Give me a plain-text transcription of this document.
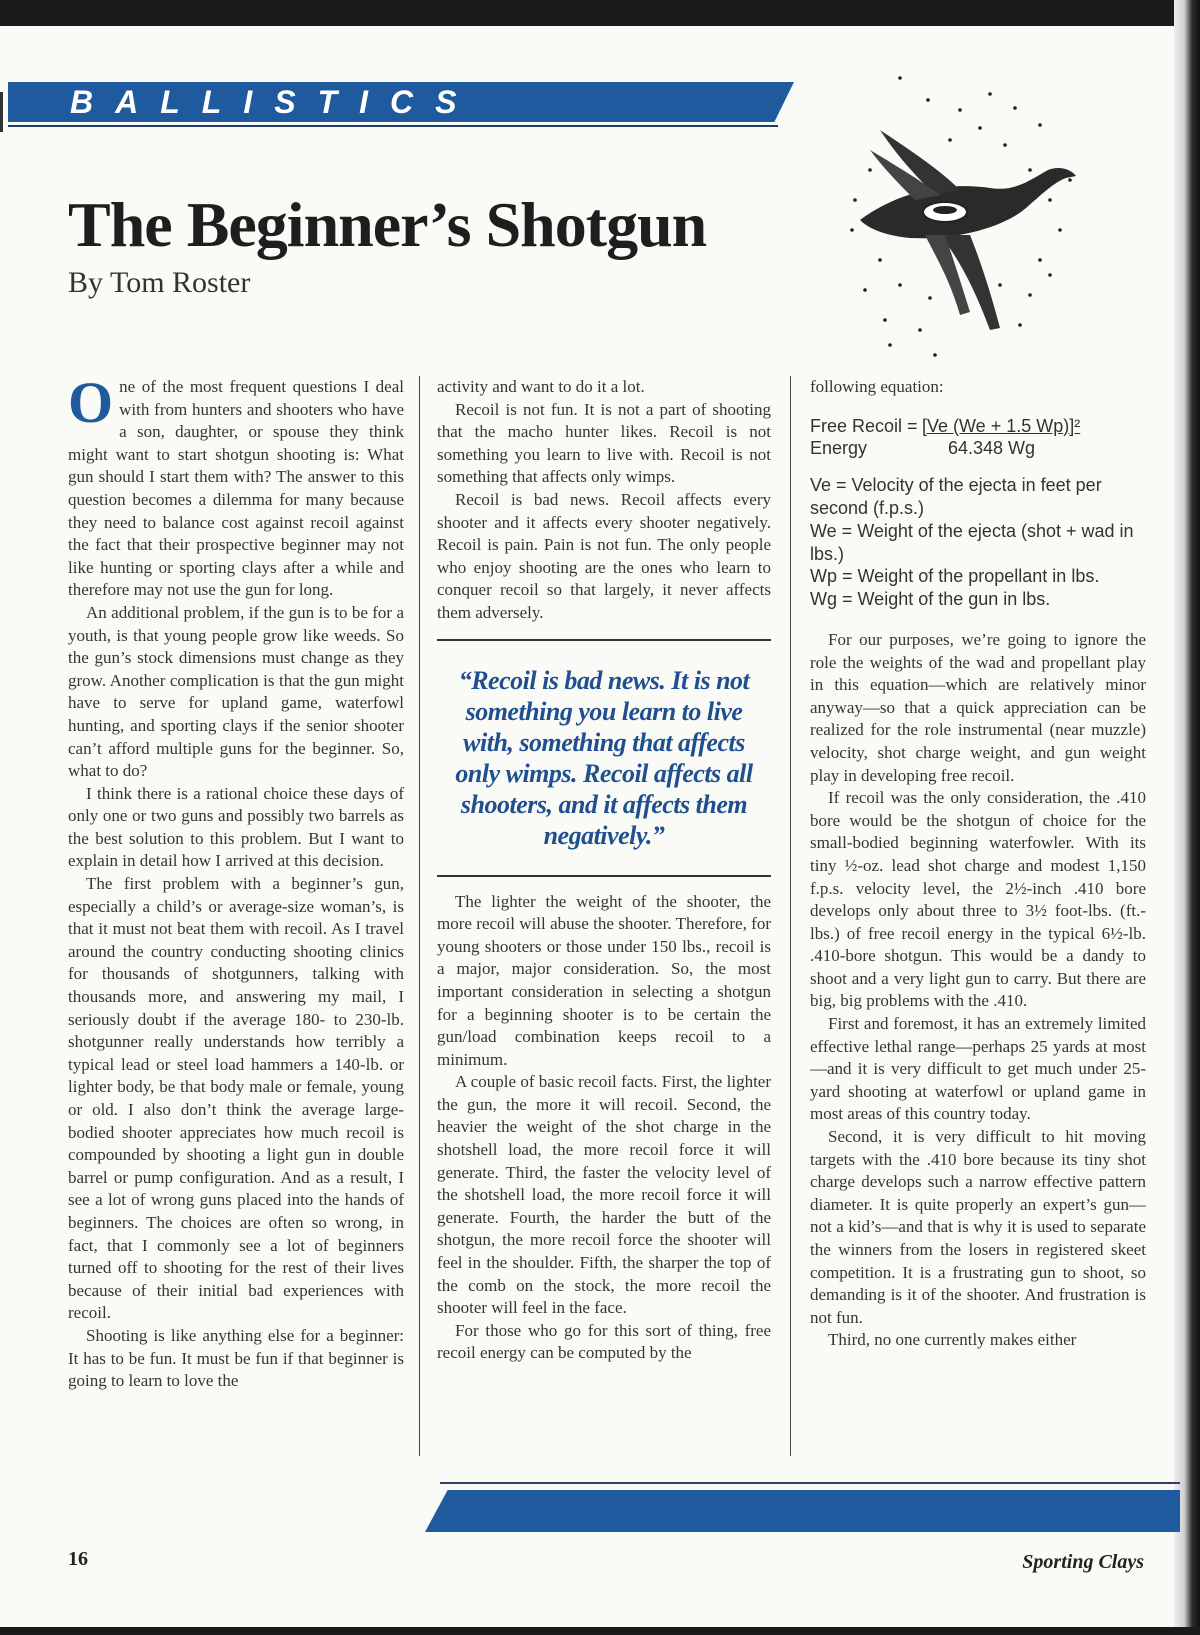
BALLISTICS
The Beginner’s Shotgun
By Tom Roster

One of the most frequent questions I deal with from hunters and shooters who have a son, daughter, or spouse they think might want to start shotgun shooting is: What gun should I start them with? The answer to this question becomes a dilemma for many because they need to balance cost against recoil against the fact that their prospective beginner may not like hunting or sporting clays after a while and therefore may not use the gun for long.

An additional problem, if the gun is to be for a youth, is that young people grow like weeds. So the gun’s stock dimensions must change as they grow. Another complication is that the gun might have to serve for upland game, waterfowl hunting, and sporting clays if the senior shooter can’t afford multiple guns for the beginner. So, what to do?

I think there is a rational choice these days of only one or two guns and possibly two barrels as the best solution to this problem. But I want to explain in detail how I arrived at this decision.

The first problem with a beginner’s gun, especially a child’s or average-size woman’s, is that it must not beat them with recoil. As I travel around the country conducting shooting clinics for thousands of shotgunners, talking with thousands more, and answering my mail, I seriously doubt if the average 180- to 230-lb. shotgunner really understands how terribly a typical lead or steel load hammers a 140-lb. or lighter body, be that body male or female, young or old. I also don’t think the average large-bodied shooter appreciates how much recoil is compounded by shooting a light gun in double barrel or pump configuration. And as a result, I see a lot of wrong guns placed into the hands of beginners. The choices are often so wrong, in fact, that I commonly see a lot of beginners turned off to shooting for the rest of their lives because of their initial bad experiences with recoil.

Shooting is like anything else for a beginner: It has to be fun. It must be fun if that beginner is going to learn to love the

activity and want to do it a lot.

Recoil is not fun. It is not a part of shooting that the macho hunter likes. Recoil is not something you learn to live with. Recoil is not something that affects only wimps.

Recoil is bad news. Recoil affects every shooter and it affects every shooter negatively. Recoil is pain. Pain is not fun. The only people who enjoy shooting are the ones who learn to conquer recoil so that largely, it never affects them adversely.

“Recoil is bad news. It is not something you learn to live with, something that affects only wimps. Recoil affects all shooters, and it affects them negatively.”

The lighter the weight of the shooter, the more recoil will abuse the shooter. Therefore, for young shooters or those under 150 lbs., recoil is a major, major consideration. So, the most important consideration in selecting a shotgun for a beginning shooter is to be certain the gun/load combination keeps recoil to a minimum.

A couple of basic recoil facts. First, the lighter the gun, the more it will recoil. Second, the heavier the weight of the shot charge in the shotshell load, the more recoil force it will generate. Third, the faster the velocity level of the shotshell load, the more recoil force it will generate. Fourth, the harder the butt of the shotgun, the more recoil force the shooter will feel in the shoulder. Fifth, the sharper the top of the comb on the stock, the more recoil the shooter will feel in the face.

For those who go for this sort of thing, free recoil energy can be computed by the

following equation:

Free Recoil = [Ve (We + 1.5 Wp)]²
Energy	64.348 Wg
Ve = Velocity of the ejecta in feet per second (f.p.s.)
We = Weight of the ejecta (shot + wad in lbs.)
Wp = Weight of the propellant in lbs.
Wg = Weight of the gun in lbs.

For our purposes, we’re going to ignore the role the weights of the wad and propellant play in this equation—which are relatively minor anyway—so that a quick appreciation can be realized for the role instrumental (near muzzle) velocity, shot charge weight, and gun weight play in developing free recoil.

If recoil was the only consideration, the .410 bore would be the shotgun of choice for the small-bodied beginning waterfowler. With its tiny ½-oz. lead shot charge and modest 1,150 f.p.s. velocity level, the 2½-inch .410 bore develops only about three to 3½ foot-lbs. (ft.-lbs.) of free recoil energy in the typical 6½-lb. .410-bore shotgun. This would be a dandy to shoot and a very light gun to carry. But there are big, big problems with the .410.

First and foremost, it has an extremely limited effective lethal range—perhaps 25 yards at most—and it is very difficult to get much under 25-yard shooting at waterfowl or upland game in most areas of this country today.

Second, it is very difficult to hit moving targets with the .410 bore because its tiny shot charge develops such a narrow effective pattern diameter. It is quite properly an expert’s gun—not a kid’s—and that is why it is used to separate the winners from the losers in registered skeet competition. It is a frustrating gun to shoot, so demanding is it of the shooter. And frustration is not fun.

Third, no one currently makes either

16	Sporting Clays
